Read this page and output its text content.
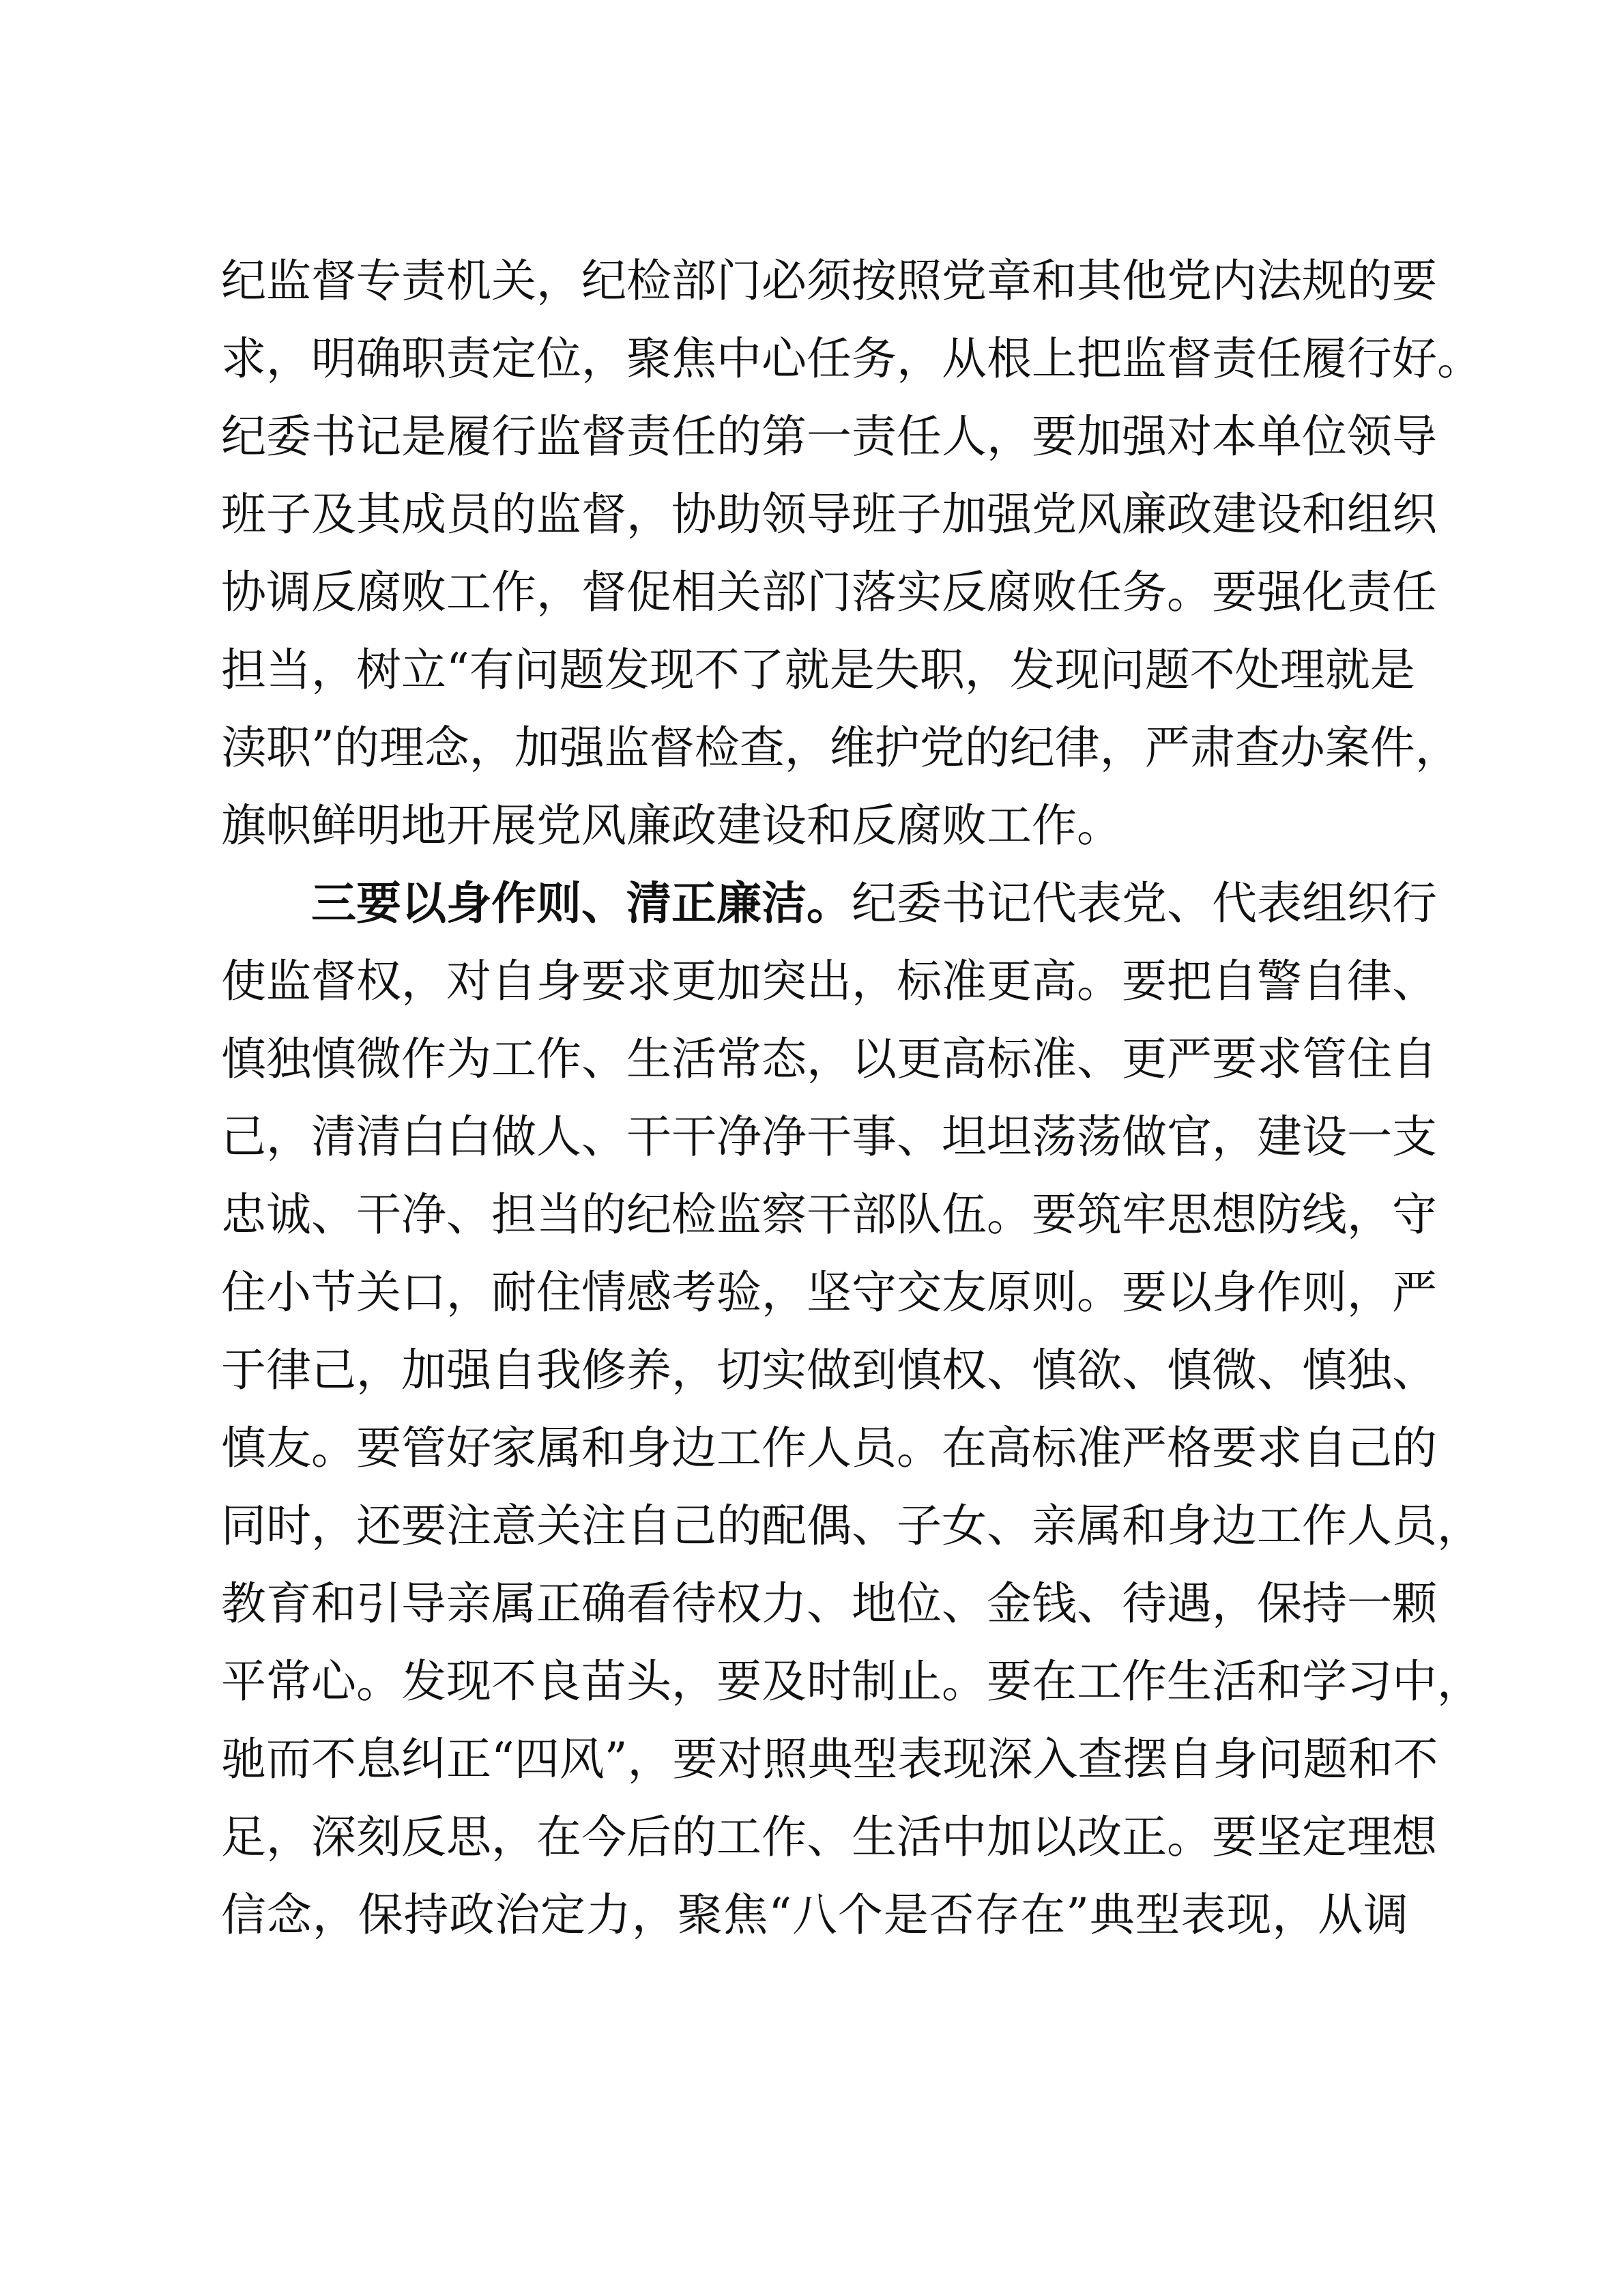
纪监督专责机关，纪检部门必须按照党章和其他党内法规的要
求，明确职责定位，聚焦中心任务，从根上把监督责任履行好。
纪委书记是履行监督责任的第一责任人，要加强对本单位领导
班子及其成员的监督，协助领导班子加强党风廉政建设和组织
协调反腐败工作，督促相关部门落实反腐败任务。要强化责任
担当，树立“有问题发现不了就是失职，发现问题不处理就是
渎职”的理念，加强监督检查，维护党的纪律，严肃查办案件，
旗帜鲜明地开展党风廉政建设和反腐败工作。
三要以身作则、清正廉洁。纪委书记代表党、代表组织行
使监督权，对自身要求更加突出，标准更高。要把自警自律、
慎独慎微作为工作、生活常态，以更高标准、更严要求管住自
己，清清白白做人、干干净净干事、坦坦荡荡做官，建设一支
忠诚、干净、担当的纪检监察干部队伍。要筑牢思想防线，守
住小节关口，耐住情感考验，坚守交友原则。要以身作则，严
于律己，加强自我修养，切实做到慎权、慎欲、慎微、慎独、
慎友。要管好家属和身边工作人员。在高标准严格要求自己的
同时，还要注意关注自己的配偶、子女、亲属和身边工作人员，
教育和引导亲属正确看待权力、地位、金钱、待遇，保持一颗
平常心。发现不良苗头，要及时制止。要在工作生活和学习中，
驰而不息纠正“四风”，要对照典型表现深入查摆自身问题和不
足，深刻反思，在今后的工作、生活中加以改正。要坚定理想
信念，保持政治定力，聚焦“八个是否存在”典型表现，从调
